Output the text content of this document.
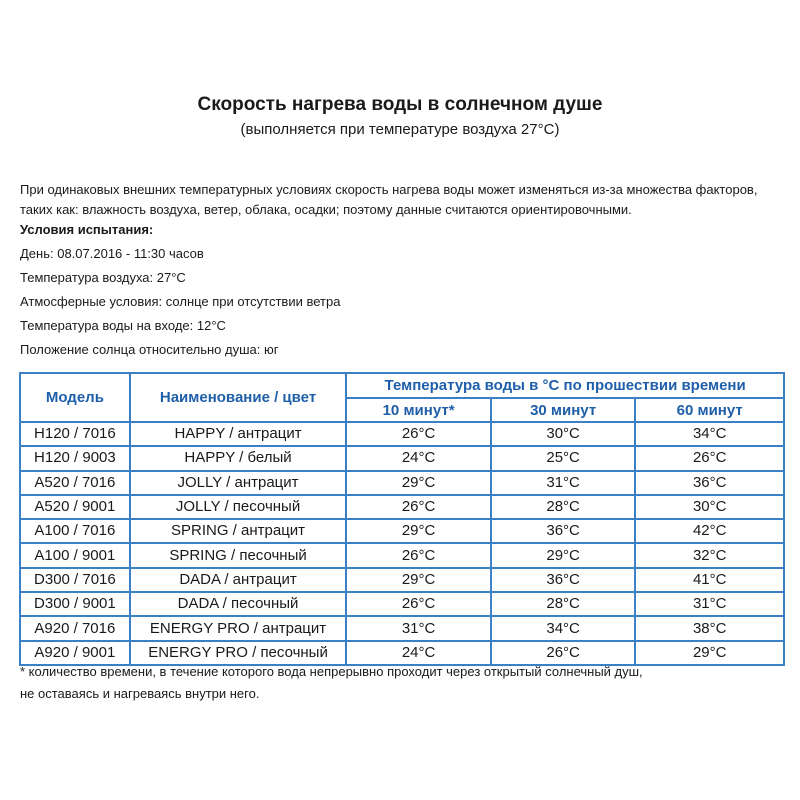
Скорость нагрева воды в солнечном душе
(выполняется при температуре воздуха 27°C)
При одинаковых внешних температурных условиях скорость нагрева воды может изменяться из-за множества факторов, таких как: влажность воздуха, ветер, облака, осадки; поэтому данные считаются ориентировочными.
Условия испытания:
День: 08.07.2016 - 11:30 часов
Температура воздуха: 27°C
Атмосферные условия: солнце при отсутствии ветра
Температура воды на входе: 12°C
Положение солнца относительно душа: юг
Модель	Наименование / цвет	Температура воды в °C по прошествии времени		
		10 минут*	30 минут	60 минут
H120 / 7016	HAPPY / антрацит	26°C	30°C	34°C
H120 / 9003	HAPPY / белый	24°C	25°C	26°C
A520 / 7016	JOLLY / антрацит	29°C	31°C	36°C
A520 / 9001	JOLLY / песочный	26°C	28°C	30°C
A100 / 7016	SPRING / антрацит	29°C	36°C	42°C
A100 / 9001	SPRING / песочный	26°C	29°C	32°C
D300 / 7016	DADA / антрацит	29°C	36°C	41°C
D300 / 9001	DADA / песочный	26°C	28°C	31°C
A920 / 7016	ENERGY PRO / антрацит	31°C	34°C	38°C
A920 / 9001	ENERGY PRO / песочный	24°C	26°C	29°C
* количество времени, в течение которого вода непрерывно проходит через открытый солнечный душ,
не оставаясь и нагреваясь внутри него.
